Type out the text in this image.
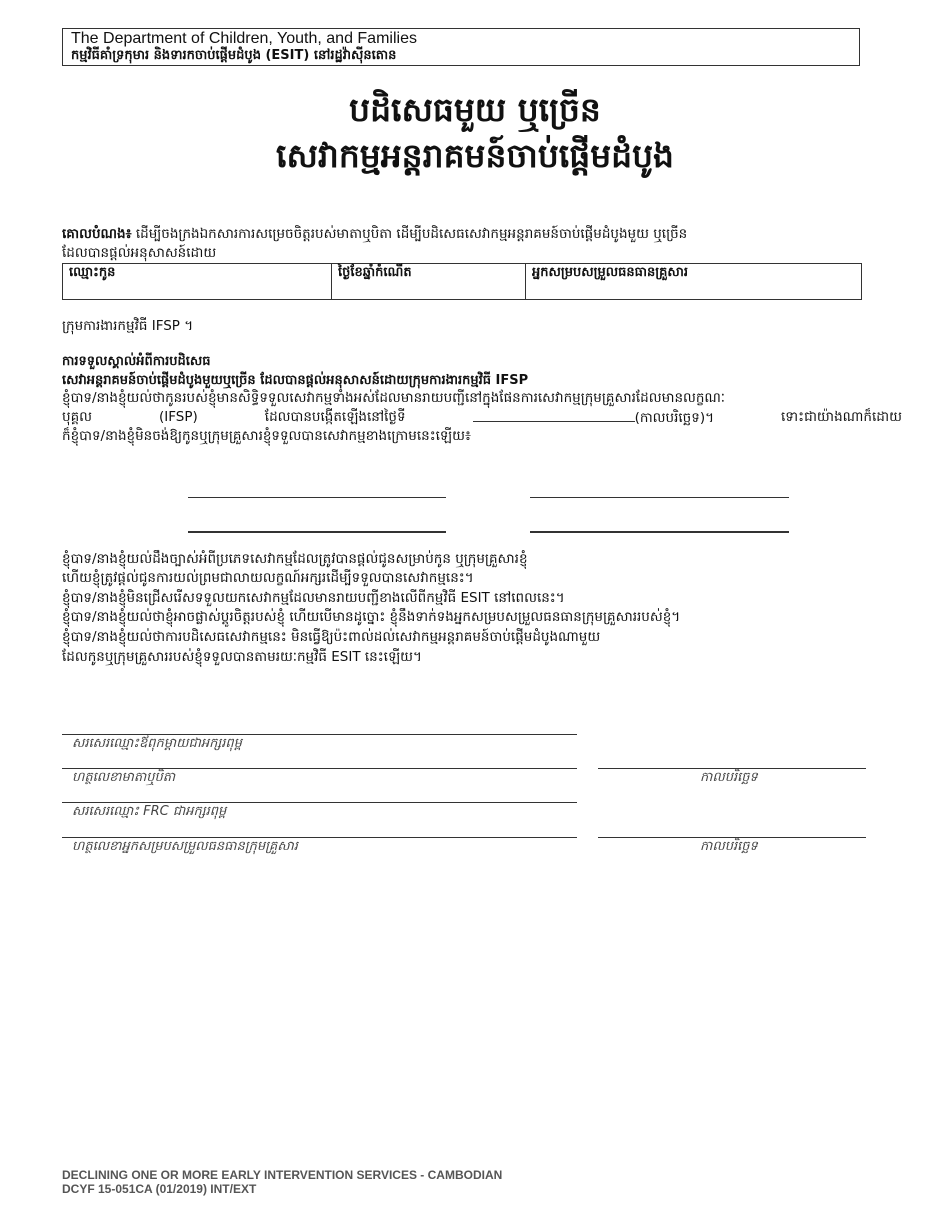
The Department of Children, Youth, and Families
កម្មវិធីគាំទ្រកុមារ និងទារកចាប់ផ្តើមដំបូង (ESIT) នៅរដ្ឋវ៉ាស៊ីនតោន
បដិសេធមួយ ឬច្រើន
សេវាកម្មអន្តរាគមន៍ចាប់ផ្តើមដំបូង
គោលបំណង៖ ដើម្បីចងក្រងឯកសារការសម្រេចចិត្តរបស់មាតាឬបិតា ដើម្បីបដិសេធសេវាកម្មអន្តរាគមន៍ចាប់ផ្តើមដំបូងមួយ ឬច្រើន
ដែលបានផ្តល់អនុសាសន៍ដោយ
ឈ្មោះកូន	ថ្ងៃខែឆ្នាំកំណើត	អ្នកសម្របសម្រួលធនធានគ្រួសារ
ក្រុមការងារកម្មវិធី IFSP ។
ការទទួលស្គាល់អំពីការបដិសេធ
សេវាអន្តរាគមន៍ចាប់ផ្តើមដំបូងមួយឬច្រើន ដែលបានផ្តល់អនុសាសន៍ដោយក្រុមការងារកម្មវិធី IFSP
ខ្ញុំបាទ/នាងខ្ញុំយល់ថាកូនរបស់ខ្ញុំមានសិទ្ធិទទួលសេវាកម្មទាំងអស់ដែលមានរាយបញ្ជីនៅក្នុងផែនការសេវាកម្មក្រុមគ្រួសារដែលមានលក្ខណៈ
បុគ្គល	(IFSP)	ដែលបានបង្កើតឡើងនៅថ្ងៃទី	(កាលបរិច្ឆេទ)។	ទោះជាយ៉ាងណាក៏ដោយ
ក៏ខ្ញុំបាទ/នាងខ្ញុំមិនចង់ឱ្យកូនឬក្រុមគ្រួសារខ្ញុំទទួលបានសេវាកម្មខាងក្រោមនេះឡើយ៖
ខ្ញុំបាទ/នាងខ្ញុំយល់ដឹងច្បាស់អំពីប្រភេទសេវាកម្មដែលត្រូវបានផ្តល់ជូនសម្រាប់កូន ឬក្រុមគ្រួសារខ្ញុំ
ហើយខ្ញុំត្រូវផ្តល់ជូនការយល់ព្រមជាលាយលក្ខណ៍អក្សរដើម្បីទទួលបានសេវាកម្មនេះ។
ខ្ញុំបាទ/នាងខ្ញុំមិនជ្រើសរើសទទួលយកសេវាកម្មដែលមានរាយបញ្ជីខាងលើពីកម្មវិធី ESIT នៅពេលនេះ។
ខ្ញុំបាទ/នាងខ្ញុំយល់ថាខ្ញុំអាចផ្លាស់ប្តូរចិត្តរបស់ខ្ញុំ ហើយបើមានដូច្នោះ ខ្ញុំនឹងទាក់ទងអ្នកសម្របសម្រួលធនធានក្រុមគ្រួសាររបស់ខ្ញុំ។
ខ្ញុំបាទ/នាងខ្ញុំយល់ថាការបដិសេធសេវាកម្មនេះ មិនធ្វើឱ្យប៉ះពាល់ដល់សេវាកម្មអន្តរាគមន៍ចាប់ផ្តើមដំបូងណាមួយ
ដែលកូនឬក្រុមគ្រួសាររបស់ខ្ញុំទទួលបានតាមរយៈកម្មវិធី ESIT នេះឡើយ។
សរសេរឈ្មោះឪពុកម្តាយជាអក្សរពុម្ព
ហត្ថលេខាមាតាឬបិតា	កាលបរិច្ឆេទ
សរសេរឈ្មោះ FRC ជាអក្សរពុម្ព
ហត្ថលេខាអ្នកសម្របសម្រួលធនធានក្រុមគ្រួសារ	កាលបរិច្ឆេទ
DECLINING ONE OR MORE EARLY INTERVENTION SERVICES - CAMBODIAN
DCYF 15-051CA (01/2019) INT/EXT
